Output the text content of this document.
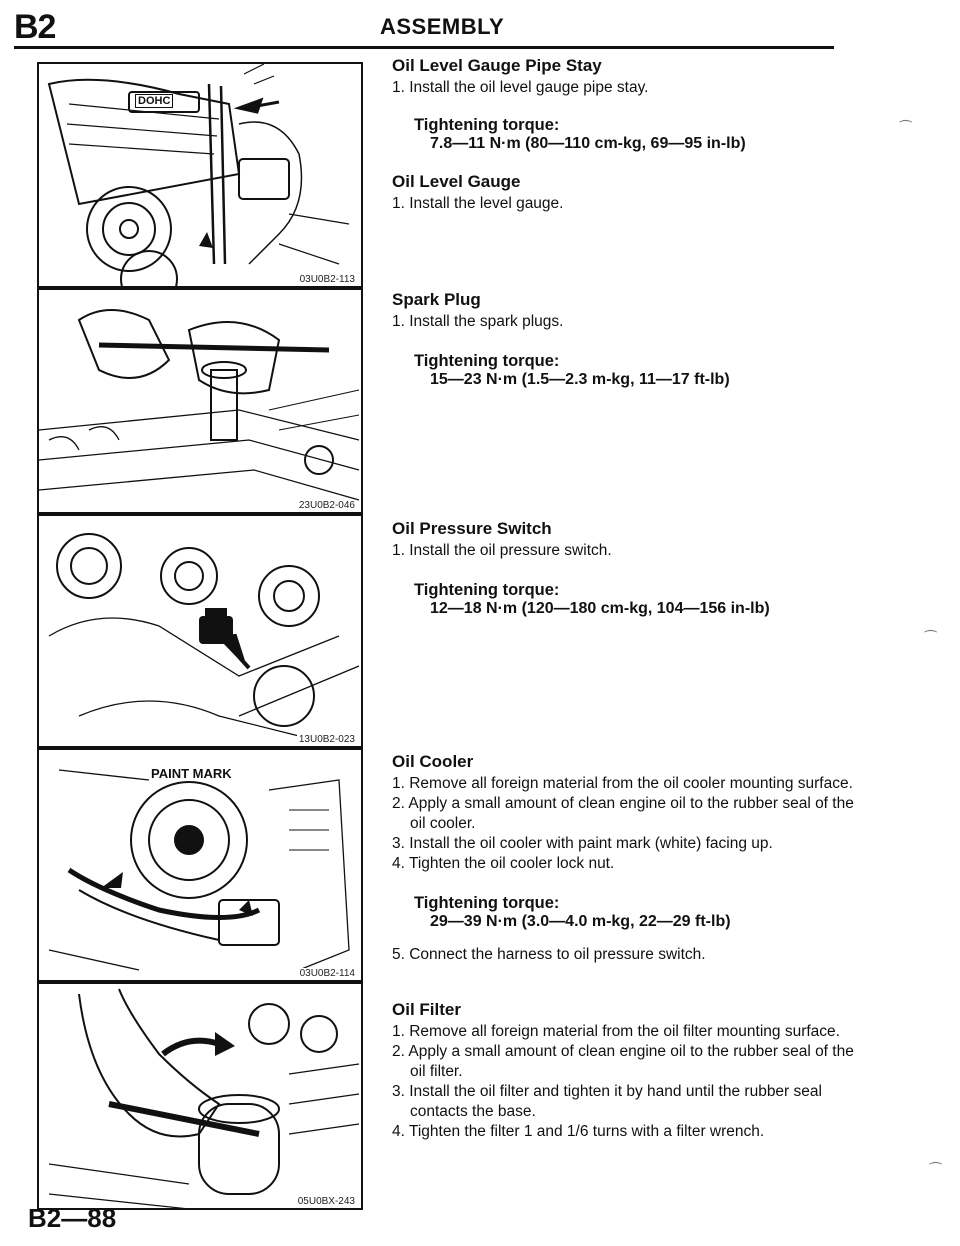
B2	ASSEMBLY
DOHC
03U0B2-113
23U0B2-046
13U0B2-023
PAINT MARK
03U0B2-114
05U0BX-243
Oil Level Gauge Pipe Stay
1. Install the oil level gauge pipe stay.
Tightening torque:
7.8—11 N·m (80—110 cm-kg, 69—95 in-lb)
Oil Level Gauge
1. Install the level gauge.
Spark Plug
1. Install the spark plugs.
Tightening torque:
15—23 N·m (1.5—2.3 m-kg, 11—17 ft-lb)
Oil Pressure Switch
1. Install the oil pressure switch.
Tightening torque:
12—18 N·m (120—180 cm-kg, 104—156 in-lb)
Oil Cooler
1. Remove all foreign material from the oil cooler mounting surface.
2. Apply a small amount of clean engine oil to the rubber seal of the oil cooler.
3. Install the oil cooler with paint mark (white) facing up.
4. Tighten the oil cooler lock nut.
Tightening torque:
29—39 N·m (3.0—4.0 m-kg, 22—29 ft-lb)
5. Connect the harness to oil pressure switch.
Oil Filter
1. Remove all foreign material from the oil filter mounting surface.
2. Apply a small amount of clean engine oil to the rubber seal of the oil filter.
3. Install the oil filter and tighten it by hand until the rubber seal contacts the base.
4. Tighten the filter 1 and 1/6 turns with a filter wrench.
⁀
⁀
⁀
B2—88
